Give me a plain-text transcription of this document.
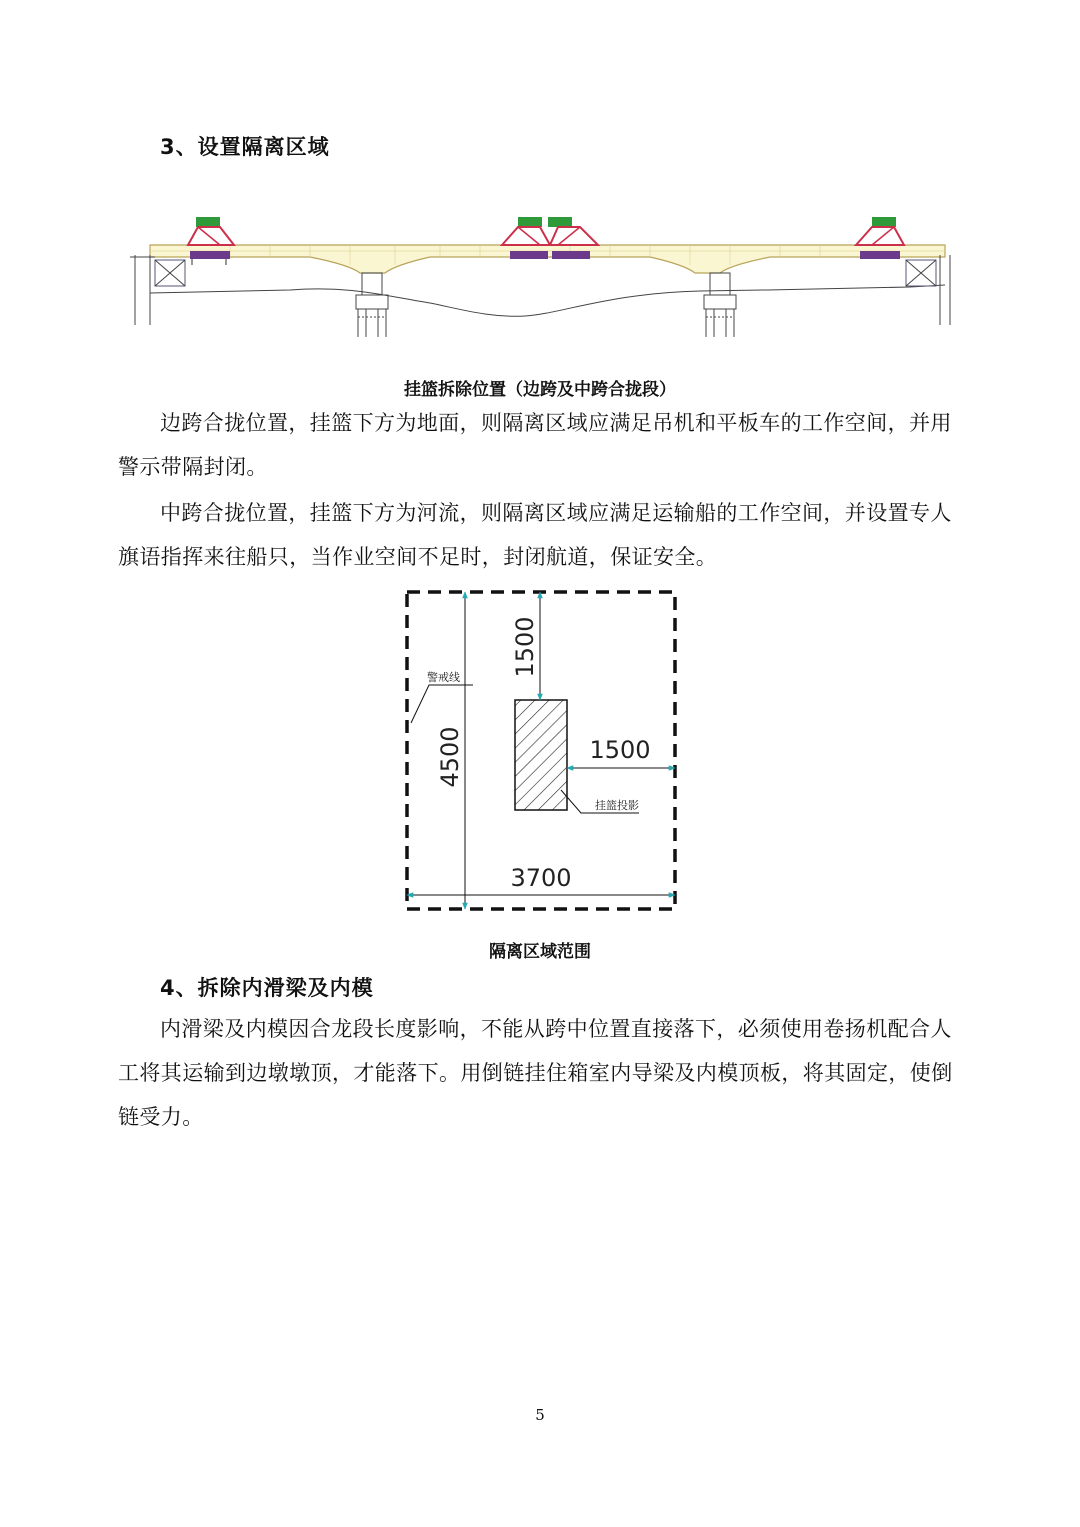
3、设置隔离区域
挂篮拆除位置（边跨及中跨合拢段）

边跨合拢位置，挂篮下方为地面，则隔离区域应满足吊机和平板车的工作空间，并用警示带隔封闭。

中跨合拢位置，挂篮下方为河流，则隔离区域应满足运输船的工作空间，并设置专人旗语指挥来往船只，当作业空间不足时，封闭航道，保证安全。

1500
4500	1500
3700
警戒线
挂篮投影
隔离区域范围
4、拆除内滑梁及内模

内滑梁及内模因合龙段长度影响，不能从跨中位置直接落下，必须使用卷扬机配合人工将其运输到边墩墩顶，才能落下。用倒链挂住箱室内导梁及内模顶板，将其固定，使倒链受力。

5
